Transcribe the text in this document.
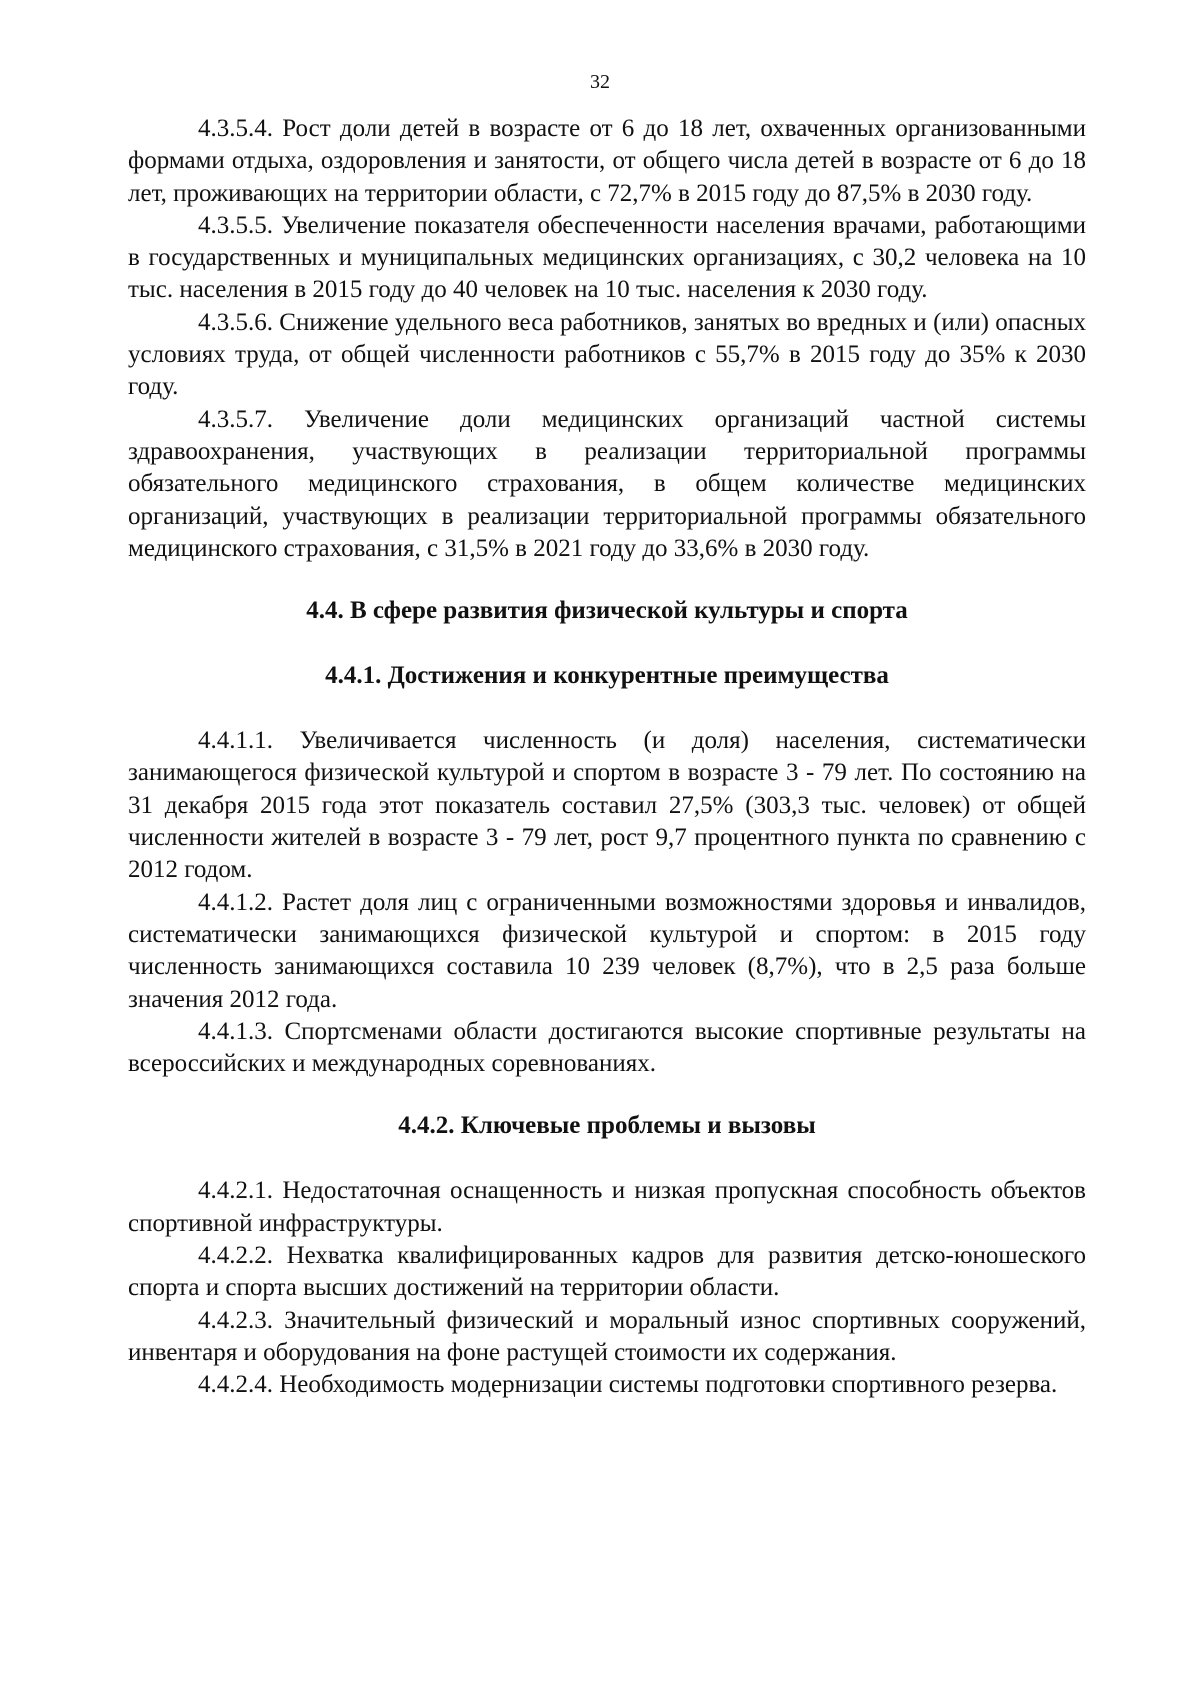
32

4.3.5.4. Рост доли детей в возрасте от 6 до 18 лет, охваченных организованными формами отдыха, оздоровления и занятости, от общего числа детей в возрасте от 6 до 18 лет, проживающих на территории области, с 72,7% в 2015 году до 87,5% в 2030 году.

4.3.5.5. Увеличение показателя обеспеченности населения врачами, работающими в государственных и муниципальных медицинских организациях, с 30,2 человека на 10 тыс. населения в 2015 году до 40 человек на 10 тыс. населения к 2030 году.

4.3.5.6. Снижение удельного веса работников, занятых во вредных и (или) опасных условиях труда, от общей численности работников с 55,7% в 2015 году до 35% к 2030 году.

4.3.5.7. Увеличение доли медицинских организаций частной системы здравоохранения, участвующих в реализации территориальной программы обязательного медицинского страхования, в общем количестве медицинских организаций, участвующих в реализации территориальной программы обязательного медицинского страхования, с 31,5% в 2021 году до 33,6% в 2030 году.

4.4. В сфере развития физической культуры и спорта
4.4.1. Достижения и конкурентные преимущества

4.4.1.1. Увеличивается численность (и доля) населения, систематически занимающегося физической культурой и спортом в возрасте 3 - 79 лет. По состоянию на 31 декабря 2015 года этот показатель составил 27,5% (303,3 тыс. человек) от общей численности жителей в возрасте 3 - 79 лет, рост 9,7 процентного пункта по сравнению с 2012 годом.

4.4.1.2. Растет доля лиц с ограниченными возможностями здоровья и инвалидов, систематически занимающихся физической культурой и спортом: в 2015 году численность занимающихся составила 10 239 человек (8,7%), что в 2,5 раза больше значения 2012 года.

4.4.1.3. Спортсменами области достигаются высокие спортивные результаты на всероссийских и международных соревнованиях.

4.4.2. Ключевые проблемы и вызовы

4.4.2.1. Недостаточная оснащенность и низкая пропускная способность объектов спортивной инфраструктуры.

4.4.2.2. Нехватка квалифицированных кадров для развития детско-юношеского спорта и спорта высших достижений на территории области.

4.4.2.3. Значительный физический и моральный износ спортивных сооружений, инвентаря и оборудования на фоне растущей стоимости их содержания.

4.4.2.4. Необходимость модернизации системы подготовки спортивного резерва.
